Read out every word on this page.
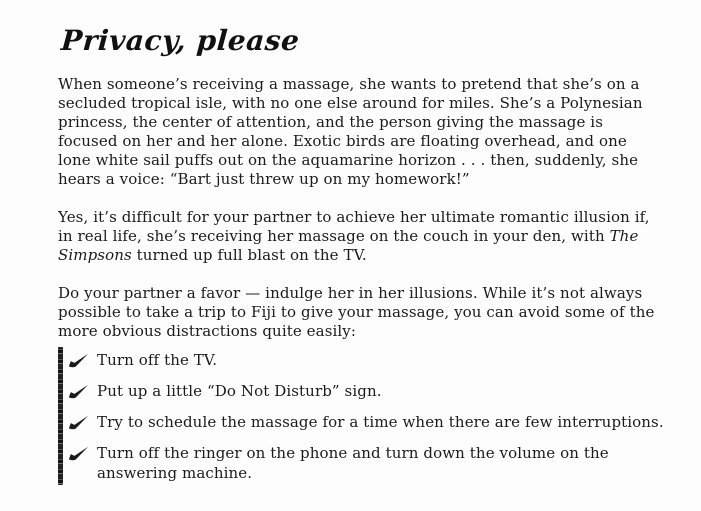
Privacy, please
When someone’s receiving a massage, she wants to pretend that she’s on a
secluded tropical isle, with no one else around for miles. She’s a Polynesian
princess, the center of attention, and the person giving the massage is
focused on her and her alone. Exotic birds are floating overhead, and one
lone white sail puffs out on the aquamarine horizon . . . then, suddenly, she
hears a voice: “Bart just threw up on my homework!”
Yes, it’s difficult for your partner to achieve her ultimate romantic illusion if,
in real life, she’s receiving her massage on the couch in your den, with The
Simpsons turned up full blast on the TV.
Do your partner a favor — indulge her in her illusions. While it’s not always
possible to take a trip to Fiji to give your massage, you can avoid some of the
more obvious distractions quite easily:
Turn off the TV.
Put up a little “Do Not Disturb” sign.
Try to schedule the massage for a time when there are few interruptions.
Turn off the ringer on the phone and turn down the volume on the
answering machine.
